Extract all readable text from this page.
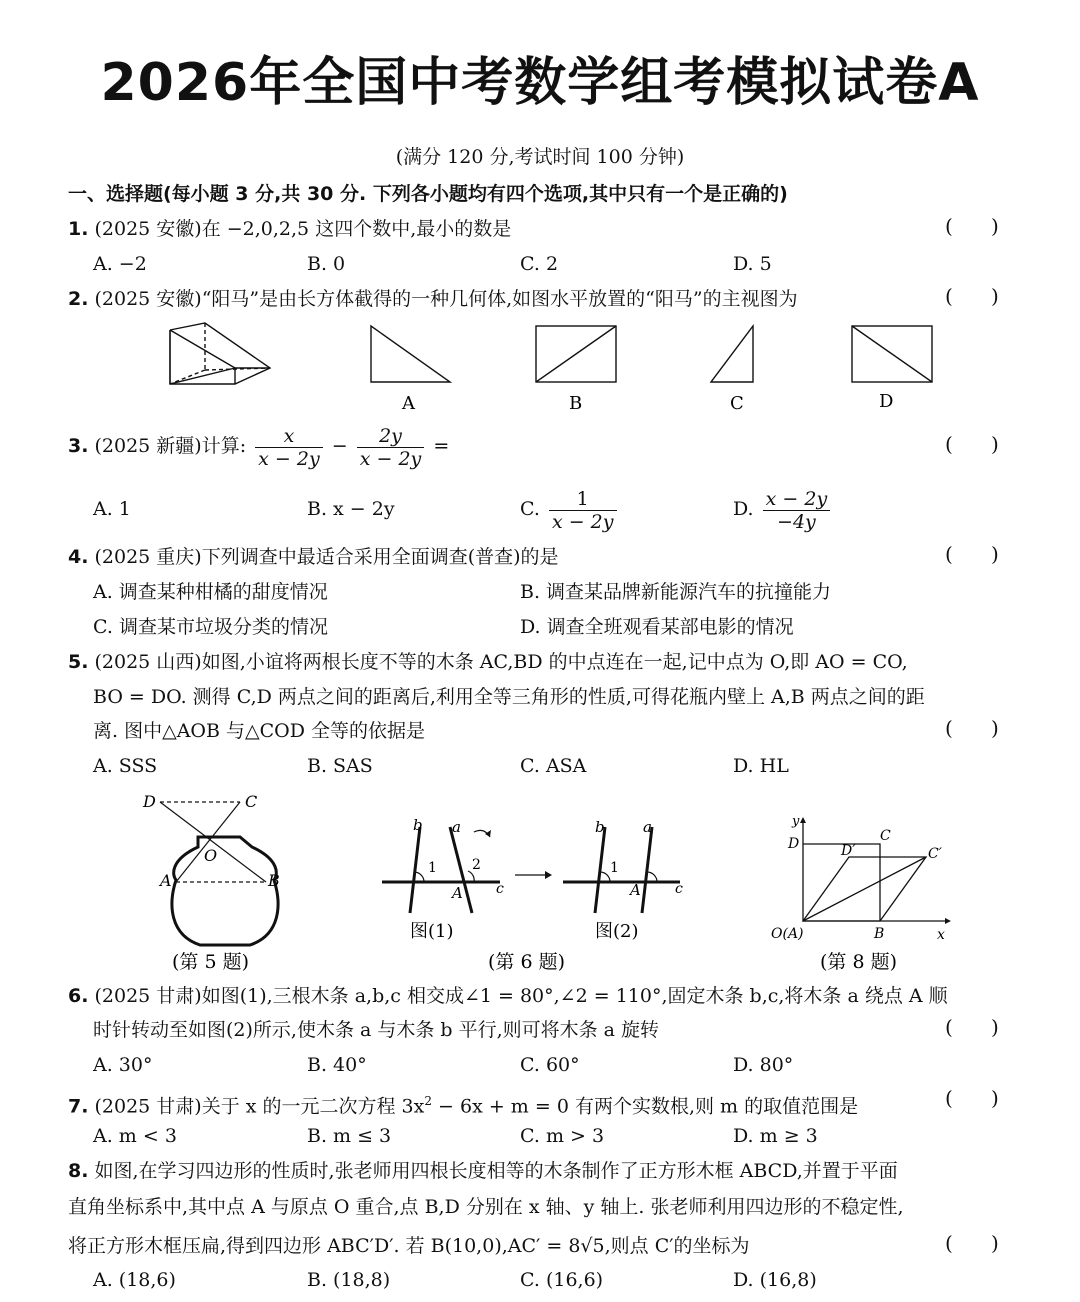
2026年全国中考数学组考模拟试卷A
(满分 120 分,考试时间 100 分钟)
一、选择题(每小题 3 分,共 30 分. 下列各小题均有四个选项,其中只有一个是正确的)
1. (2025 安徽)在 −2,0,2,5 这四个数中,最小的数是	(      )
A. −2	B. 0	C. 2	D. 5
2. (2025 安徽)“阳马”是由长方体截得的一种几何体,如图水平放置的“阳马”的主视图为	(      )
A	B	C	D
3. (2025 新疆)计算: $\frac{x}{x - 2y} - \frac{2y}{x - 2y}$ =	(      )
A. 1	B. x − 2y	C. $\frac{1}{x - 2y}$	D. $\frac{x - 2y}{-4y}$
4. (2025 重庆)下列调查中最适合采用全面调查(普查)的是	(      )
A. 调查某种柑橘的甜度情况	B. 调查某品牌新能源汽车的抗撞能力
C. 调查某市垃圾分类的情况	D. 调查全班观看某部电影的情况
5. (2025 山西)如图,小谊将两根长度不等的木条 AC,BD 的中点连在一起,记中点为 O,即 AO = CO,
BO = DO. 测得 C,D 两点之间的距离后,利用全等三角形的性质,可得花瓶内壁上 A,B 两点之间的距
离. 图中△AOB 与△COD 全等的依据是	(      )
A. SSS	B. SAS	C. ASA	D. HL
D	C
O
A	B
(第 5 题)
b a
1	2
A c
图(1)
b	a
1
A c
图(2)
(第 6 题)
y
x
D	C
D′	C′
B
O(A)
(第 8 题)
6. (2025 甘肃)如图(1),三根木条 a,b,c 相交成∠1 = 80°,∠2 = 110°,固定木条 b,c,将木条 a 绕点 A 顺
时针转动至如图(2)所示,使木条 a 与木条 b 平行,则可将木条 a 旋转	(      )
A. 30°	B. 40°	C. 60°	D. 80°
7. (2025 甘肃)关于 x 的一元二次方程 $3x^2 - 6x + m = 0$ 有两个实数根,则 m 的取值范围是	(      )
A. m < 3	B. m ≤ 3	C. m > 3	D. m ≥ 3
8. 如图,在学习四边形的性质时,张老师用四根长度相等的木条制作了正方形木框 ABCD,并置于平面
直角坐标系中,其中点 A 与原点 O 重合,点 B,D 分别在 x 轴、y 轴上. 张老师利用四边形的不稳定性,
将正方形木框压扁,得到四边形 ABC′D′. 若 B(10,0),AC′ = 8√5,则点 C′的坐标为	(      )
A. (18,6)	B. (18,8)	C. (16,6)	D. (16,8)
